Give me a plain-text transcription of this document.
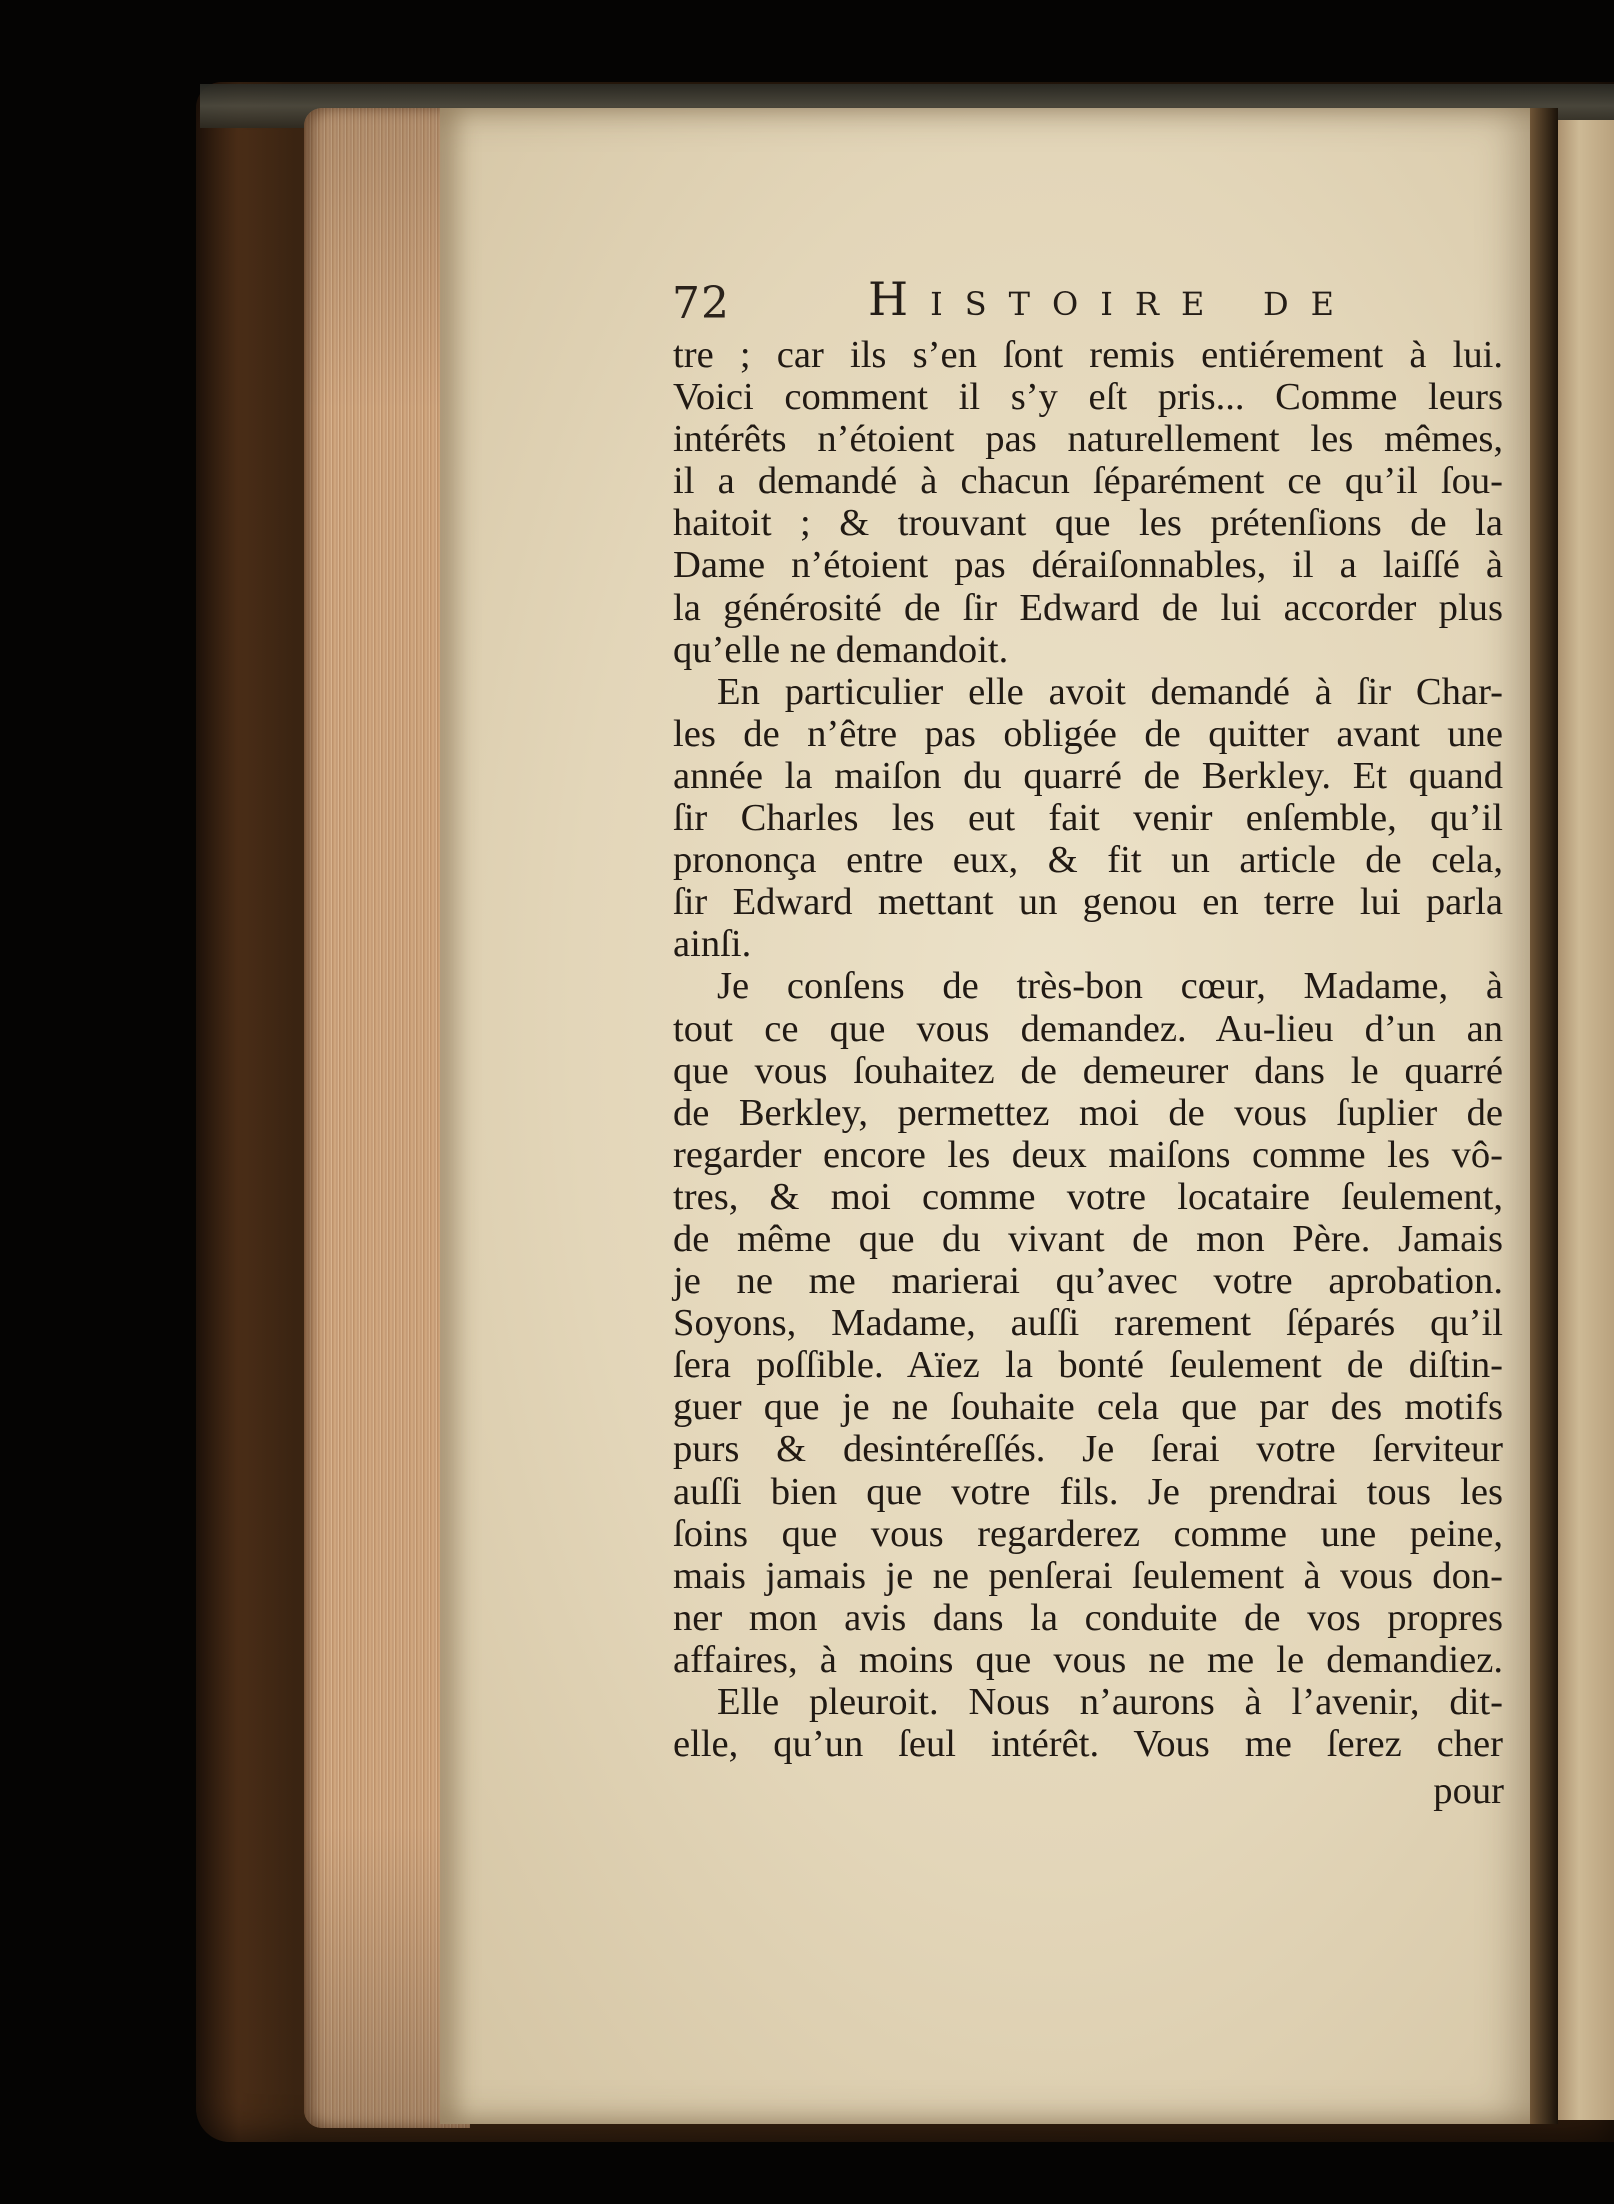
72	Histoire de
tre ; car ils s’en ſont remis entiérement à lui.
Voici comment il s’y eſt pris... Comme leurs
intérêts n’étoient pas naturellement les mêmes,
il a demandé à chacun ſéparément ce qu’il ſou-
haitoit ; & trouvant que les prétenſions de la
Dame n’étoient pas déraiſonnables, il a laiſſé à
la générosité de ſir Edward de lui accorder plus
qu’elle ne demandoit.
En particulier elle avoit demandé à ſir Char-
les de n’être pas obligée de quitter avant une
année la maiſon du quarré de Berkley. Et quand
ſir Charles les eut fait venir enſemble, qu’il
prononça entre eux, & fit un article de cela,
ſir Edward mettant un genou en terre lui parla
ainſi.
Je conſens de très-bon cœur, Madame, à
tout ce que vous demandez. Au-lieu d’un an
que vous ſouhaitez de demeurer dans le quarré
de Berkley, permettez moi de vous ſuplier de
regarder encore les deux maiſons comme les vô-
tres, & moi comme votre locataire ſeulement,
de même que du vivant de mon Père. Jamais
je ne me marierai qu’avec votre aprobation.
Soyons, Madame, auſſi rarement ſéparés qu’il
ſera poſſible. Aïez la bonté ſeulement de diſtin-
guer que je ne ſouhaite cela que par des motifs
purs & desintéreſſés. Je ſerai votre ſerviteur
auſſi bien que votre fils. Je prendrai tous les
ſoins que vous regarderez comme une peine,
mais jamais je ne penſerai ſeulement à vous don-
ner mon avis dans la conduite de vos propres
affaires, à moins que vous ne me le demandiez.
Elle pleuroit. Nous n’aurons à l’avenir, dit-
elle, qu’un ſeul intérêt. Vous me ſerez cher
pour
